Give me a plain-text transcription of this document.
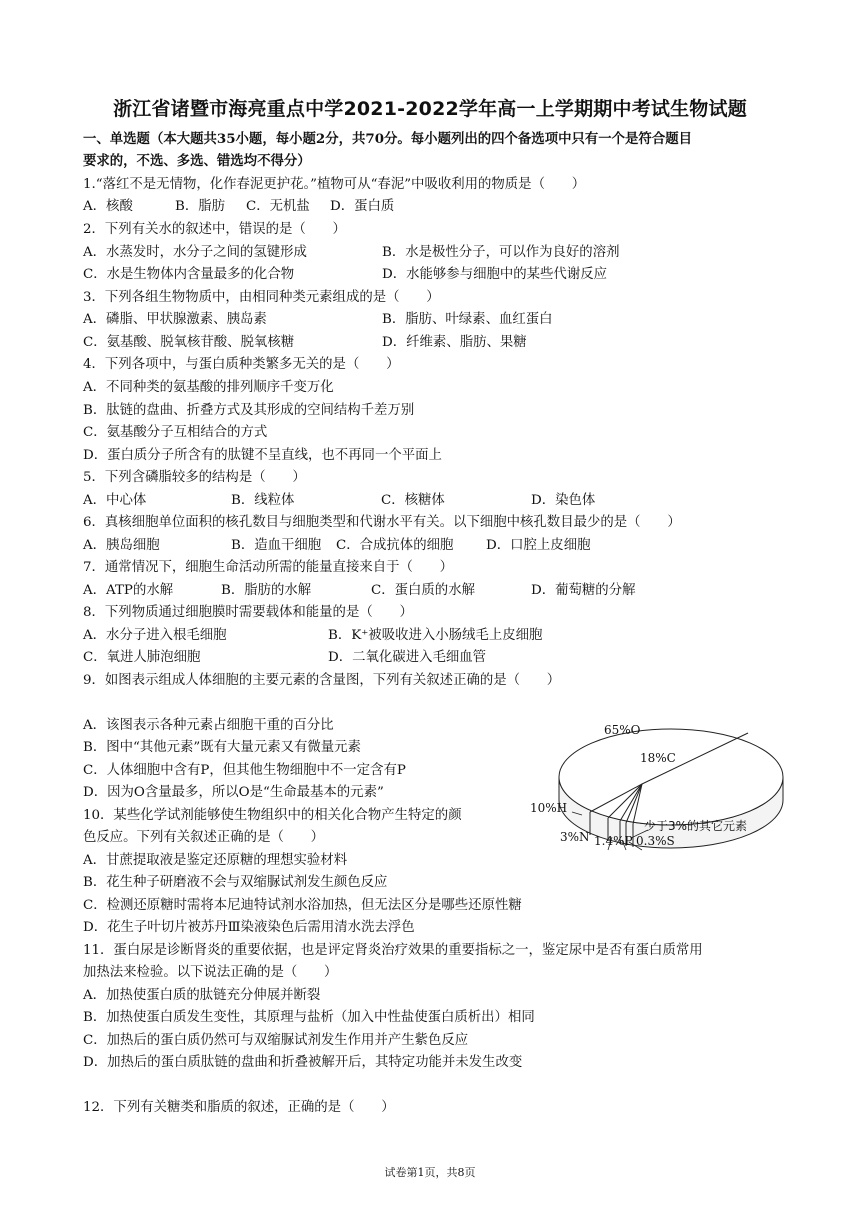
浙江省诸暨市海亮重点中学2021-2022学年高一上学期期中考试生物试题
一、单选题（本大题共35小题，每小题2分，共70分。每小题列出的四个备选项中只有一个是符合题目
要求的，不选、多选、错选均不得分）
1.“落红不是无情物，化作春泥更护花。”植物可从“春泥”中吸收利用的物质是（　　）
A．核酸	B．脂肪 C．无机盐 D．蛋白质
2．下列有关水的叙述中，错误的是（　　）
A．水蒸发时，水分子之间的氢键形成	B．水是极性分子，可以作为良好的溶剂
C．水是生物体内含量最多的化合物	D．水能够参与细胞中的某些代谢反应
3．下列各组生物物质中，由相同种类元素组成的是（　　）
A．磷脂、甲状腺激素、胰岛素	B．脂肪、叶绿素、血红蛋白
C．氨基酸、脱氧核苷酸、脱氧核糖	D．纤维素、脂肪、果糖
4．下列各项中，与蛋白质种类繁多无关的是（　　）
A．不同种类的氨基酸的排列顺序千变万化
B．肽链的盘曲、折叠方式及其形成的空间结构千差万别
C．氨基酸分子互相结合的方式
D．蛋白质分子所含有的肽键不呈直线，也不再同一个平面上
5．下列含磷脂较多的结构是（　　）
A．中心体	B．线粒体	C．核糖体	D．染色体
6．真核细胞单位面积的核孔数目与细胞类型和代谢水平有关。以下细胞中核孔数目最少的是（　　）
A．胰岛细胞	B．造血干细胞 C．合成抗体的细胞 D．口腔上皮细胞
7．通常情况下，细胞生命活动所需的能量直接来自于（　　）
A．ATP的水解	B．脂肪的水解	C．蛋白质的水解	D．葡萄糖的分解
8．下列物质通过细胞膜时需要载体和能量的是（　　）
A．水分子进入根毛细胞	B．K⁺被吸收进入小肠绒毛上皮细胞
C．氧进人肺泡细胞	D．二氧化碳进入毛细血管
9．如图表示组成人体细胞的主要元素的含量图，下列有关叙述正确的是（　　）
A．该图表示各种元素占细胞干重的百分比
B．图中“其他元素”既有大量元素又有微量元素
C．人体细胞中含有P，但其他生物细胞中不一定含有P
D．因为O含量最多，所以O是“生命最基本的元素”
10．某些化学试剂能够使生物组织中的相关化合物产生特定的颜
色反应。下列有关叙述正确的是（　　）
A．甘蔗提取液是鉴定还原糖的理想实验材料
B．花生种子研磨液不会与双缩脲试剂发生颜色反应
C．检测还原糖时需将本尼迪特试剂水浴加热，但无法区分是哪些还原性糖
D．花生子叶切片被苏丹Ⅲ染液染色后需用清水洗去浮色
11．蛋白尿是诊断肾炎的重要依据，也是评定肾炎治疗效果的重要指标之一，鉴定尿中是否有蛋白质常用
加热法来检验。以下说法正确的是（　　）
A．加热使蛋白质的肽链充分伸展并断裂
B．加热使蛋白质发生变性，其原理与盐析（加入中性盐使蛋白质析出）相同
C．加热后的蛋白质仍然可与双缩脲试剂发生作用并产生紫色反应
D．加热后的蛋白质肽链的盘曲和折叠被解开后，其特定功能并未发生改变
12．下列有关糖类和脂质的叙述，正确的是（　　）
65%O
18%C
10%H
3%N 1.4%P 0.3%S
少于3%的其它元素
试卷第1页，共8页
